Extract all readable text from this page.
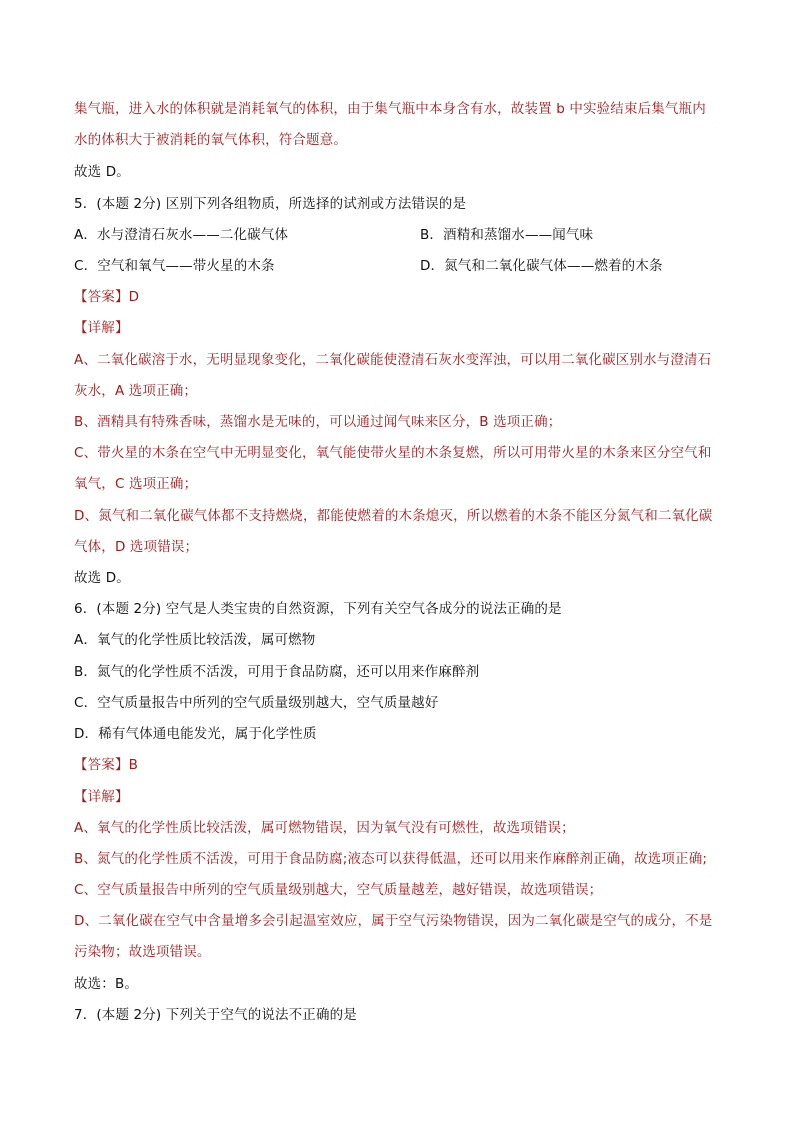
集气瓶，进入水的体积就是消耗氧气的体积，由于集气瓶中本身含有水，故装置 b 中实验结束后集气瓶内
水的体积大于被消耗的氧气体积，符合题意。
故选 D。
5．(本题 2分) 区别下列各组物质，所选择的试剂或方法错误的是
A．水与澄清石灰水——二化碳气体	B．酒精和蒸馏水——闻气味
C．空气和氧气——带火星的木条	D．氮气和二氧化碳气体——燃着的木条
【答案】D
【详解】
A、二氧化碳溶于水，无明显现象变化，二氧化碳能使澄清石灰水变浑浊，可以用二氧化碳区别水与澄清石
灰水，A 选项正确；
B、酒精具有特殊香味，蒸馏水是无味的，可以通过闻气味来区分，B 选项正确；
C、带火星的木条在空气中无明显变化，氧气能使带火星的木条复燃，所以可用带火星的木条来区分空气和
氧气，C 选项正确；
D、氮气和二氧化碳气体都不支持燃烧，都能使燃着的木条熄灭，所以燃着的木条不能区分氮气和二氧化碳
气体，D 选项错误；
故选 D。
6．(本题 2分) 空气是人类宝贵的自然资源，下列有关空气各成分的说法正确的是
A．氧气的化学性质比较活泼，属可燃物
B．氮气的化学性质不活泼，可用于食品防腐，还可以用来作麻醉剂
C．空气质量报告中所列的空气质量级别越大，空气质量越好
D．稀有气体通电能发光，属于化学性质
【答案】B
【详解】
A、氧气的化学性质比较活泼，属可燃物错误，因为氧气没有可燃性，故选项错误；
B、氮气的化学性质不活泼，可用于食品防腐;液态可以获得低温，还可以用来作麻醉剂正确，故选项正确;
C、空气质量报告中所列的空气质量级别越大，空气质量越差，越好错误，故选项错误；
D、二氧化碳在空气中含量增多会引起温室效应，属于空气污染物错误，因为二氧化碳是空气的成分，不是
污染物；故选项错误。
故选：B。
7．(本题 2分) 下列关于空气的说法不正确的是
